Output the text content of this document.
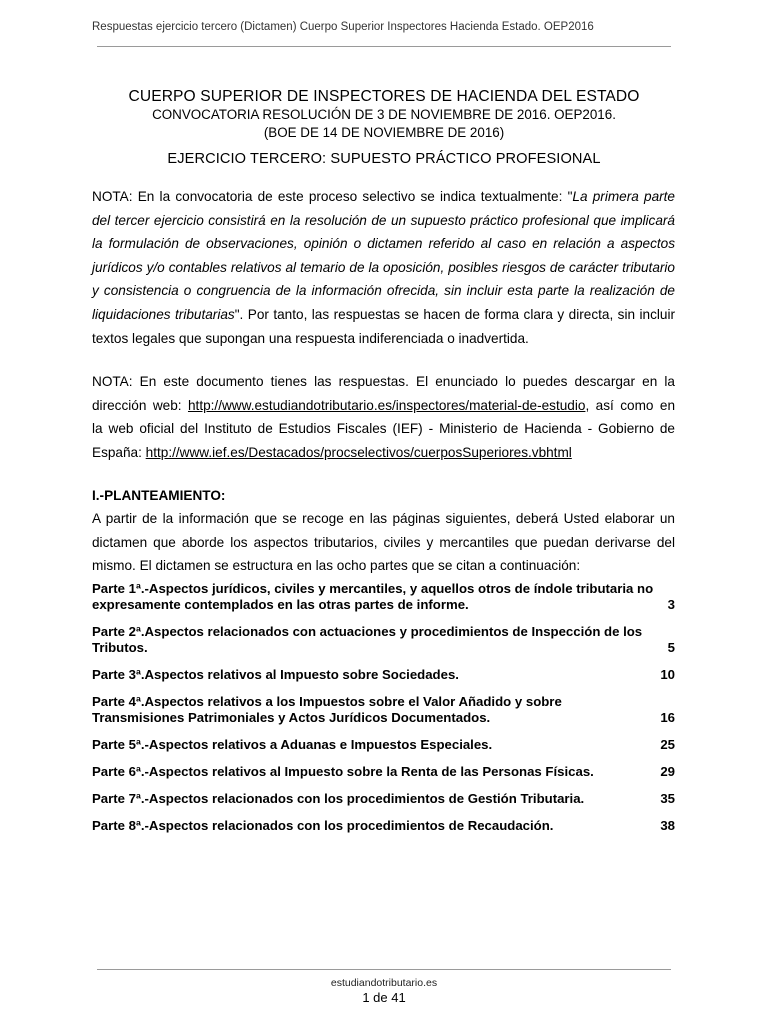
Respuestas ejercicio tercero (Dictamen) Cuerpo Superior Inspectores Hacienda Estado. OEP2016
CUERPO SUPERIOR DE INSPECTORES DE HACIENDA DEL ESTADO
CONVOCATORIA RESOLUCIÓN DE 3 DE NOVIEMBRE DE 2016. OEP2016.
(BOE DE 14 DE NOVIEMBRE DE 2016)
EJERCICIO TERCERO: SUPUESTO PRÁCTICO PROFESIONAL

NOTA: En la convocatoria de este proceso selectivo se indica textualmente: "La primera parte del tercer ejercicio consistirá en la resolución de un supuesto práctico profesional que implicará la formulación de observaciones, opinión o dictamen referido al caso en relación a aspectos jurídicos y/o contables relativos al temario de la oposición, posibles riesgos de carácter tributario y consistencia o congruencia de la información ofrecida, sin incluir esta parte la realización de liquidaciones tributarias". Por tanto, las respuestas se hacen de forma clara y directa, sin incluir textos legales que supongan una respuesta indiferenciada o inadvertida.

NOTA: En este documento tienes las respuestas. El enunciado lo puedes descargar en la dirección web: http://www.estudiandotributario.es/inspectores/material-de-estudio, así como en la web oficial del Instituto de Estudios Fiscales (IEF) - Ministerio de Hacienda - Gobierno de España: http://www.ief.es/Destacados/procselectivos/cuerposSuperiores.vbhtml

I.-PLANTEAMIENTO:

A partir de la información que se recoge en las páginas siguientes, deberá Usted elaborar un dictamen que aborde los aspectos tributarios, civiles y mercantiles que puedan derivarse del mismo. El dictamen se estructura en las ocho partes que se citan a continuación:

Parte 1ª.-Aspectos jurídicos, civiles y mercantiles, y aquellos otros de índole tributaria no expresamente contemplados en las otras partes de informe.	3
Parte 2ª.Aspectos relacionados con actuaciones y procedimientos de Inspección de los Tributos.	5
Parte 3ª.Aspectos relativos al Impuesto sobre Sociedades.	10
Parte 4ª.Aspectos relativos a los Impuestos sobre el Valor Añadido y sobre Transmisiones Patrimoniales y Actos Jurídicos Documentados.	16
Parte 5ª.-Aspectos relativos a Aduanas e Impuestos Especiales.	25
Parte 6ª.-Aspectos relativos al Impuesto sobre la Renta de las Personas Físicas.	29
Parte 7ª.-Aspectos relacionados con los procedimientos de Gestión Tributaria.	35
Parte 8ª.-Aspectos relacionados con los procedimientos de Recaudación.	38
estudiandotributario.es
1 de 41
